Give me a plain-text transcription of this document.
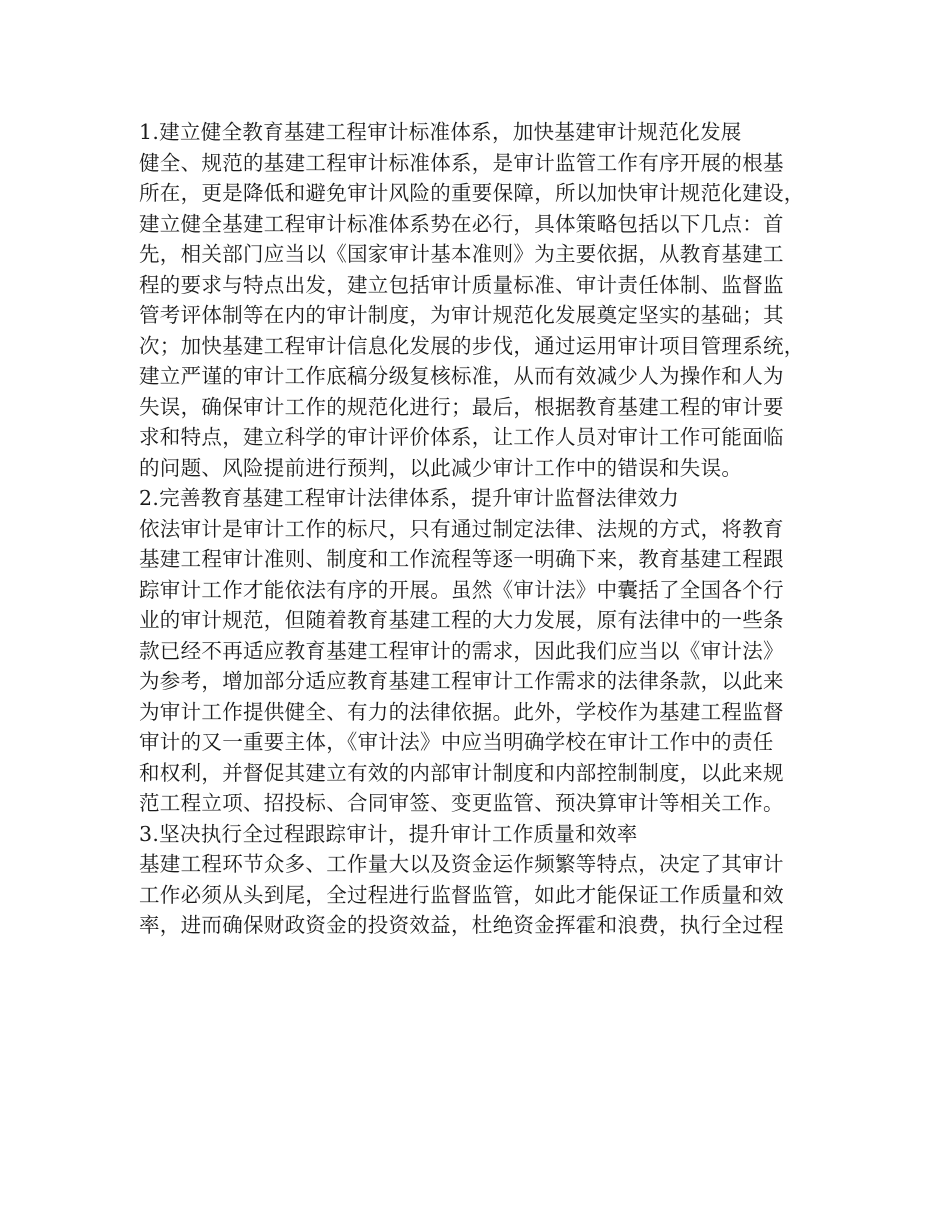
1.建立健全教育基建工程审计标准体系，加快基建审计规范化发展
健全、规范的基建工程审计标准体系，是审计监管工作有序开展的根基
所在，更是降低和避免审计风险的重要保障，所以加快审计规范化建设，
建立健全基建工程审计标准体系势在必行，具体策略包括以下几点：首
先，相关部门应当以《国家审计基本准则》为主要依据，从教育基建工
程的要求与特点出发，建立包括审计质量标准、审计责任体制、监督监
管考评体制等在内的审计制度，为审计规范化发展奠定坚实的基础；其
次；加快基建工程审计信息化发展的步伐，通过运用审计项目管理系统，
建立严谨的审计工作底稿分级复核标准，从而有效减少人为操作和人为
失误，确保审计工作的规范化进行；最后，根据教育基建工程的审计要
求和特点，建立科学的审计评价体系，让工作人员对审计工作可能面临
的问题、风险提前进行预判，以此减少审计工作中的错误和失误。
2.完善教育基建工程审计法律体系，提升审计监督法律效力
依法审计是审计工作的标尺，只有通过制定法律、法规的方式，将教育
基建工程审计准则、制度和工作流程等逐一明确下来，教育基建工程跟
踪审计工作才能依法有序的开展。虽然《审计法》中囊括了全国各个行
业的审计规范，但随着教育基建工程的大力发展，原有法律中的一些条
款已经不再适应教育基建工程审计的需求，因此我们应当以《审计法》
为参考，增加部分适应教育基建工程审计工作需求的法律条款，以此来
为审计工作提供健全、有力的法律依据。此外，学校作为基建工程监督
审计的又一重要主体，《审计法》中应当明确学校在审计工作中的责任
和权利，并督促其建立有效的内部审计制度和内部控制制度，以此来规
范工程立项、招投标、合同审签、变更监管、预决算审计等相关工作。
3.坚决执行全过程跟踪审计，提升审计工作质量和效率
基建工程环节众多、工作量大以及资金运作频繁等特点，决定了其审计
工作必须从头到尾，全过程进行监督监管，如此才能保证工作质量和效
率，进而确保财政资金的投资效益，杜绝资金挥霍和浪费，执行全过程
